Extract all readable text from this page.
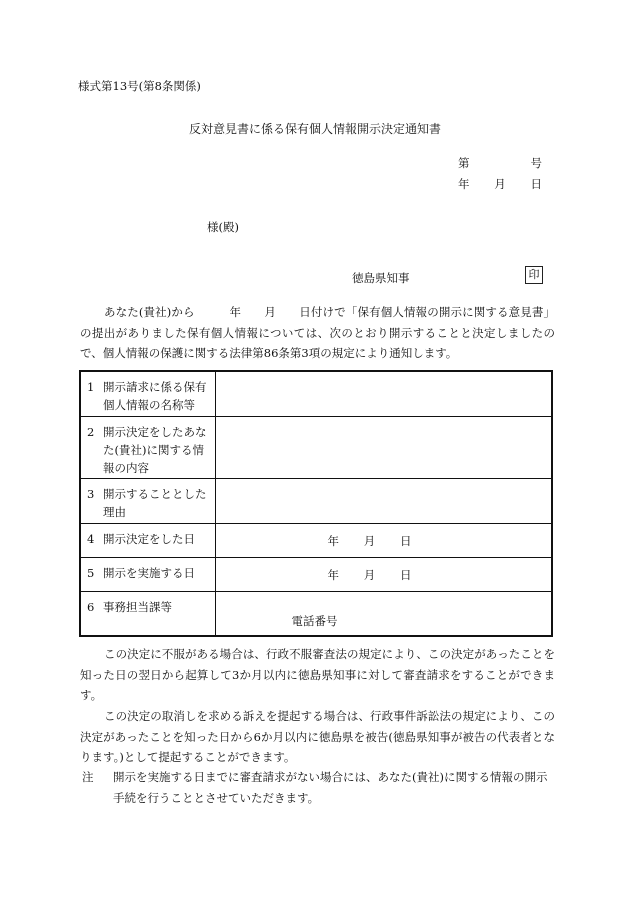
様式第13号(第8条関係)
反対意見書に係る保有個人情報開示決定通知書
第	号
年 月 日
様(殿)
徳島県知事	印
あなた(貴社)から　　　年　　月　　日付けで「保有個人情報の開示に関する意見書」の提出がありました保有個人情報については、次のとおり開示することと決定しましたので、個人情報の保護に関する法律第86条第3項の規定により通知します。
1 開示請求に係る保有個人情報の名称等	

2 開示決定をしたあなた(貴社)に関する情報の内容	

3 開示することとした理由	

4 開示決定をした日	年 月 日

5 開示を実施する日	年 月 日

6 事務担当課等	電話番号
この決定に不服がある場合は、行政不服審査法の規定により、この決定があったことを知った日の翌日から起算して3か月以内に徳島県知事に対して審査請求をすることができます。
この決定の取消しを求める訴えを提起する場合は、行政事件訴訟法の規定により、この決定があったことを知った日から6か月以内に徳島県を被告(徳島県知事が被告の代表者となります。)として提起することができます。
注 開示を実施する日までに審査請求がない場合には、あなた(貴社)に関する情報の開示手続を行うこととさせていただきます。
